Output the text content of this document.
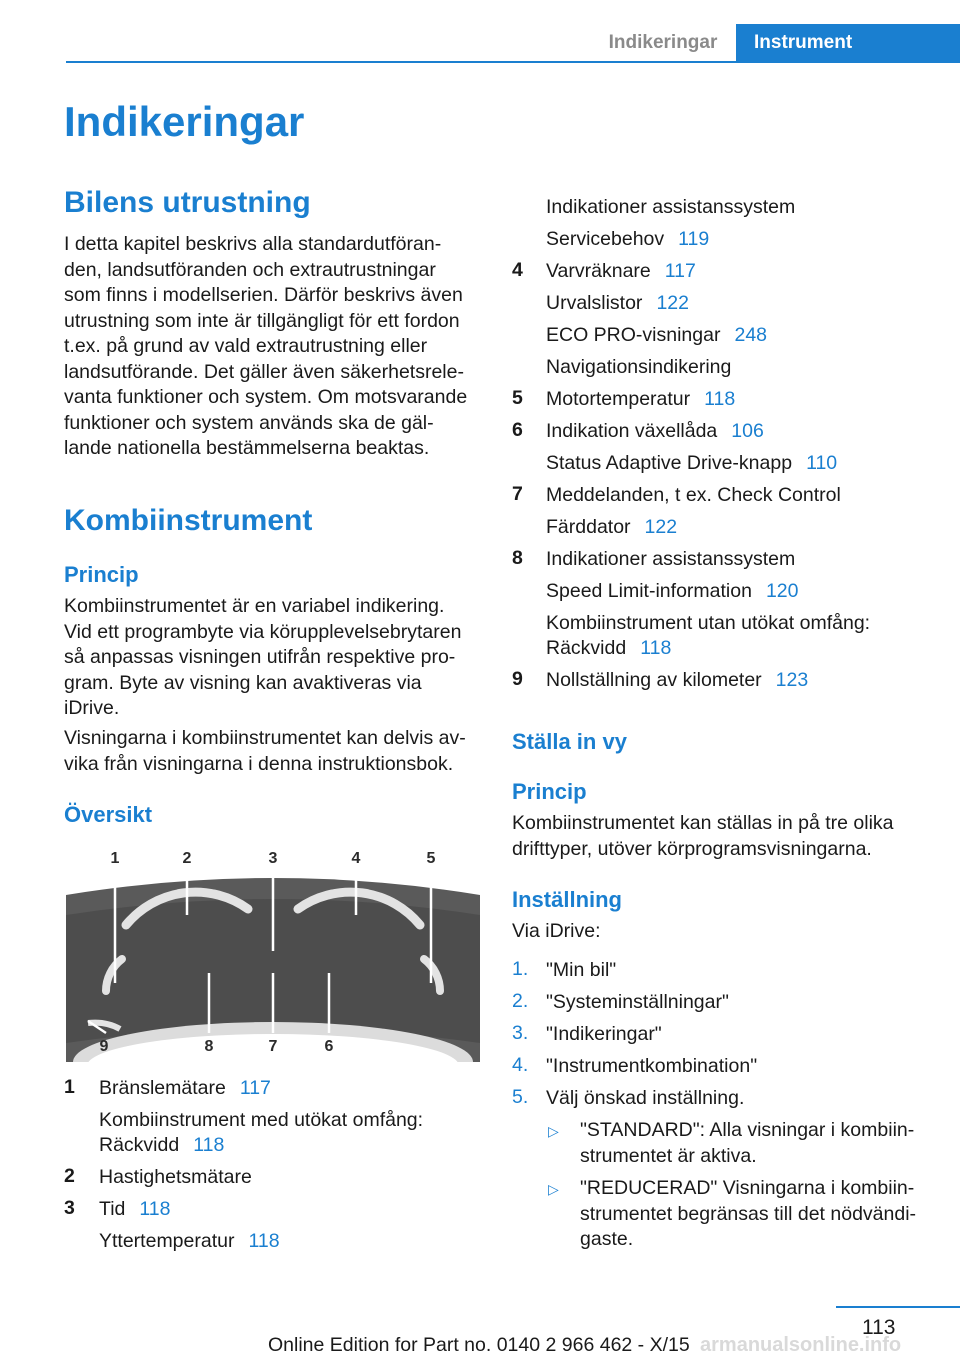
Indikeringar	Instrument
Indikeringar
Bilens utrustning
I detta kapitel beskrivs alla standardutföran‐
den, landsutföranden och extrautrustningar
som finns i modellserien. Därför beskrivs även
utrustning som inte är tillgängligt för ett fordon
t.ex. på grund av vald extrautrustning eller
landsutförande. Det gäller även säkerhetsrele‐
vanta funktioner och system. Om motsvarande
funktioner och system används ska de gäl‐
lande nationella bestämmelserna beaktas.
Kombiinstrument
Princip
Kombiinstrumentet är en variabel indikering.
Vid ett programbyte via körupplevelsebrytaren
så anpassas visningen utifrån respektive pro‐
gram. Byte av visning kan avaktiveras via
iDrive.
Visningarna i kombiinstrumentet kan delvis av‐
vika från visningarna i denna instruktionsbok.
Översikt
1	2	3	4	5
9	8	7	6
1 Bränslemätare 117
Kombiinstrument med utökat omfång:
Räckvidd 118
2 Hastighetsmätare
3 Tid 118
Yttertemperatur 118
Indikationer assistanssystem
Servicebehov 119
4 Varvräknare 117
Urvalslistor 122
ECO PRO-visningar 248
Navigationsindikering
5 Motortemperatur 118
6 Indikation växellåda 106
Status Adaptive Drive-knapp 110
7 Meddelanden, t ex. Check Control
Färddator 122
8 Indikationer assistanssystem
Speed Limit-information 120
Kombiinstrument utan utökat omfång:
Räckvidd 118
9 Nollställning av kilometer 123
Ställa in vy
Princip
Kombiinstrumentet kan ställas in på tre olika
drifttyper, utöver körprogramsvisningarna.
Inställning
Via iDrive:
1. "Min bil"
2. "Systeminställningar"
3. "Indikeringar"
4. "Instrumentkombination"
5. Välj önskad inställning.
▷ "STANDARD": Alla visningar i kombiin‐
strumentet är aktiva.
▷ "REDUCERAD" Visningarna i kombiin‐
strumentet begränsas till det nödvändi‐
gaste.
113
Online Edition for Part no. 0140 2 966 462 - X/15 armanualsonline.info
